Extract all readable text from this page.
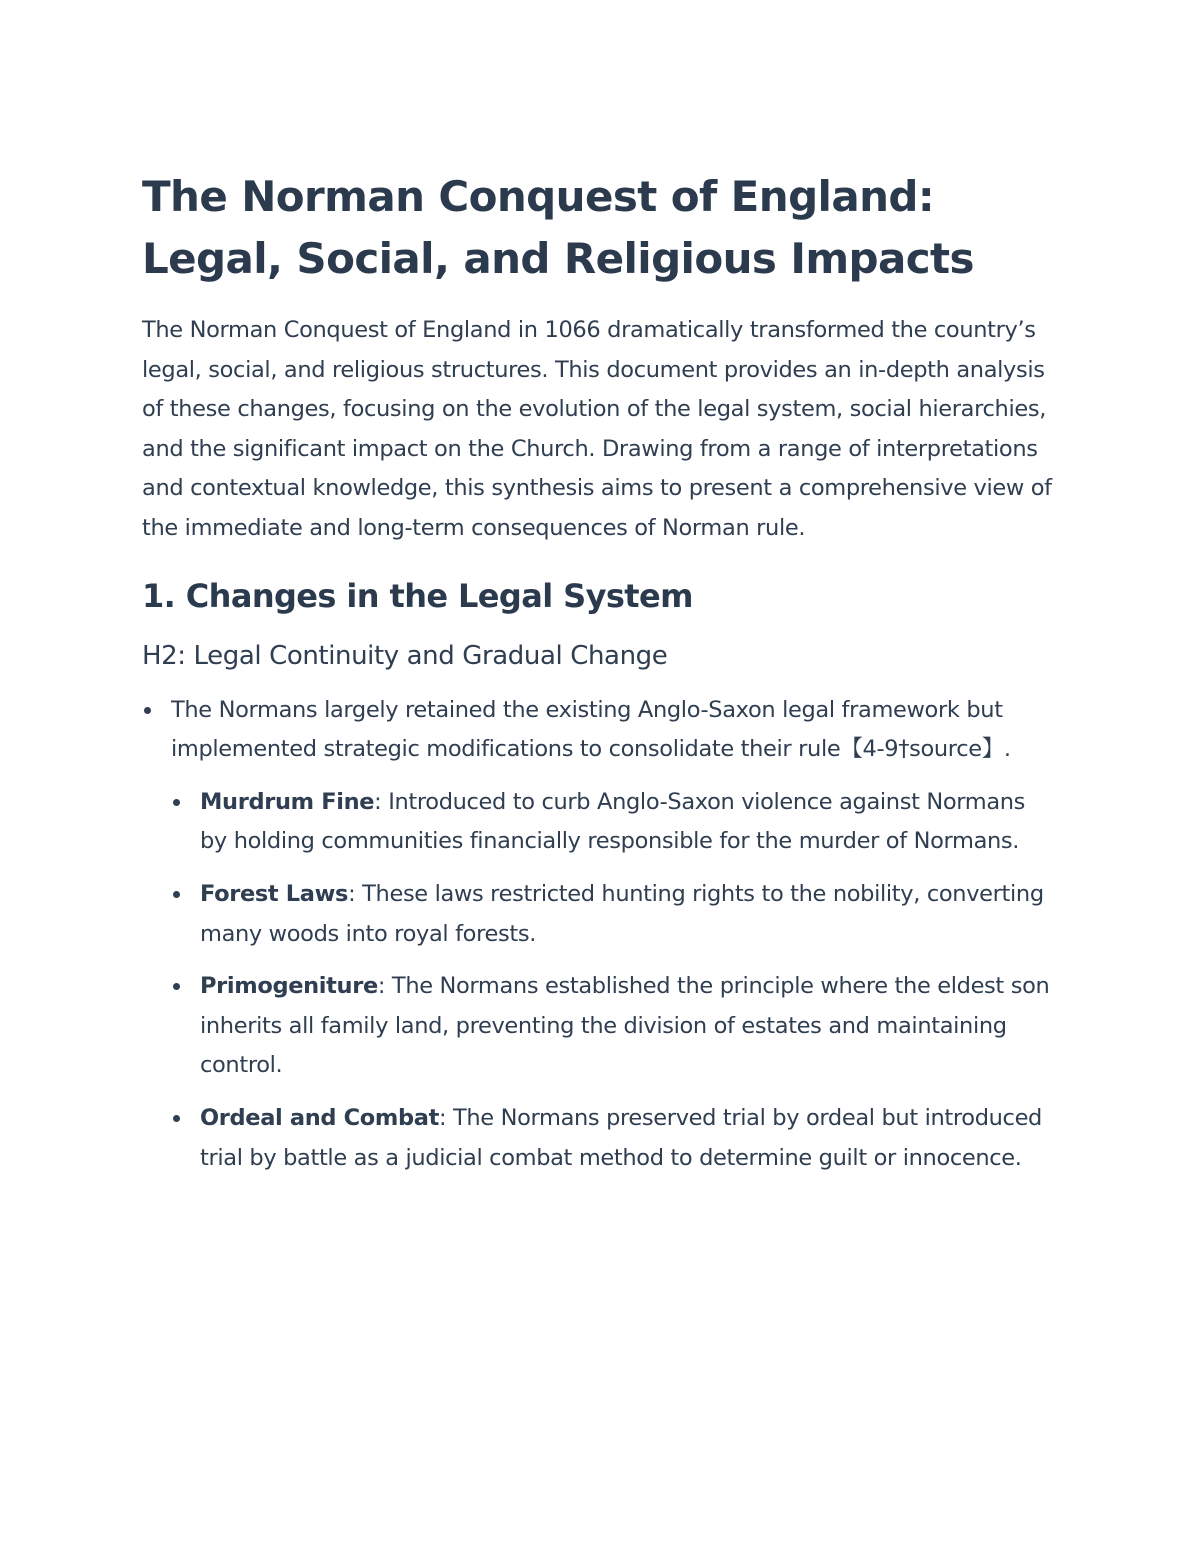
The Norman Conquest of England: Legal, Social, and Religious Impacts

The Norman Conquest of England in 1066 dramatically transformed the country’s legal, social, and religious structures. This document provides an in-depth analysis of these changes, focusing on the evolution of the legal system, social hierarchies, and the significant impact on the Church. Drawing from a range of interpretations and contextual knowledge, this synthesis aims to present a comprehensive view of the immediate and long-term consequences of Norman rule.

1. Changes in the Legal System
H2: Legal Continuity and Gradual Change
The Normans largely retained the existing Anglo-Saxon legal framework but implemented strategic modifications to consolidate their rule【4-9†source】.
Murdrum Fine: Introduced to curb Anglo-Saxon violence against Normans by holding communities financially responsible for the murder of Normans.
Forest Laws: These laws restricted hunting rights to the nobility, converting many woods into royal forests.
Primogeniture: The Normans established the principle where the eldest son inherits all family land, preventing the division of estates and maintaining control.
Ordeal and Combat: The Normans preserved trial by ordeal but introduced trial by battle as a judicial combat method to determine guilt or innocence.
